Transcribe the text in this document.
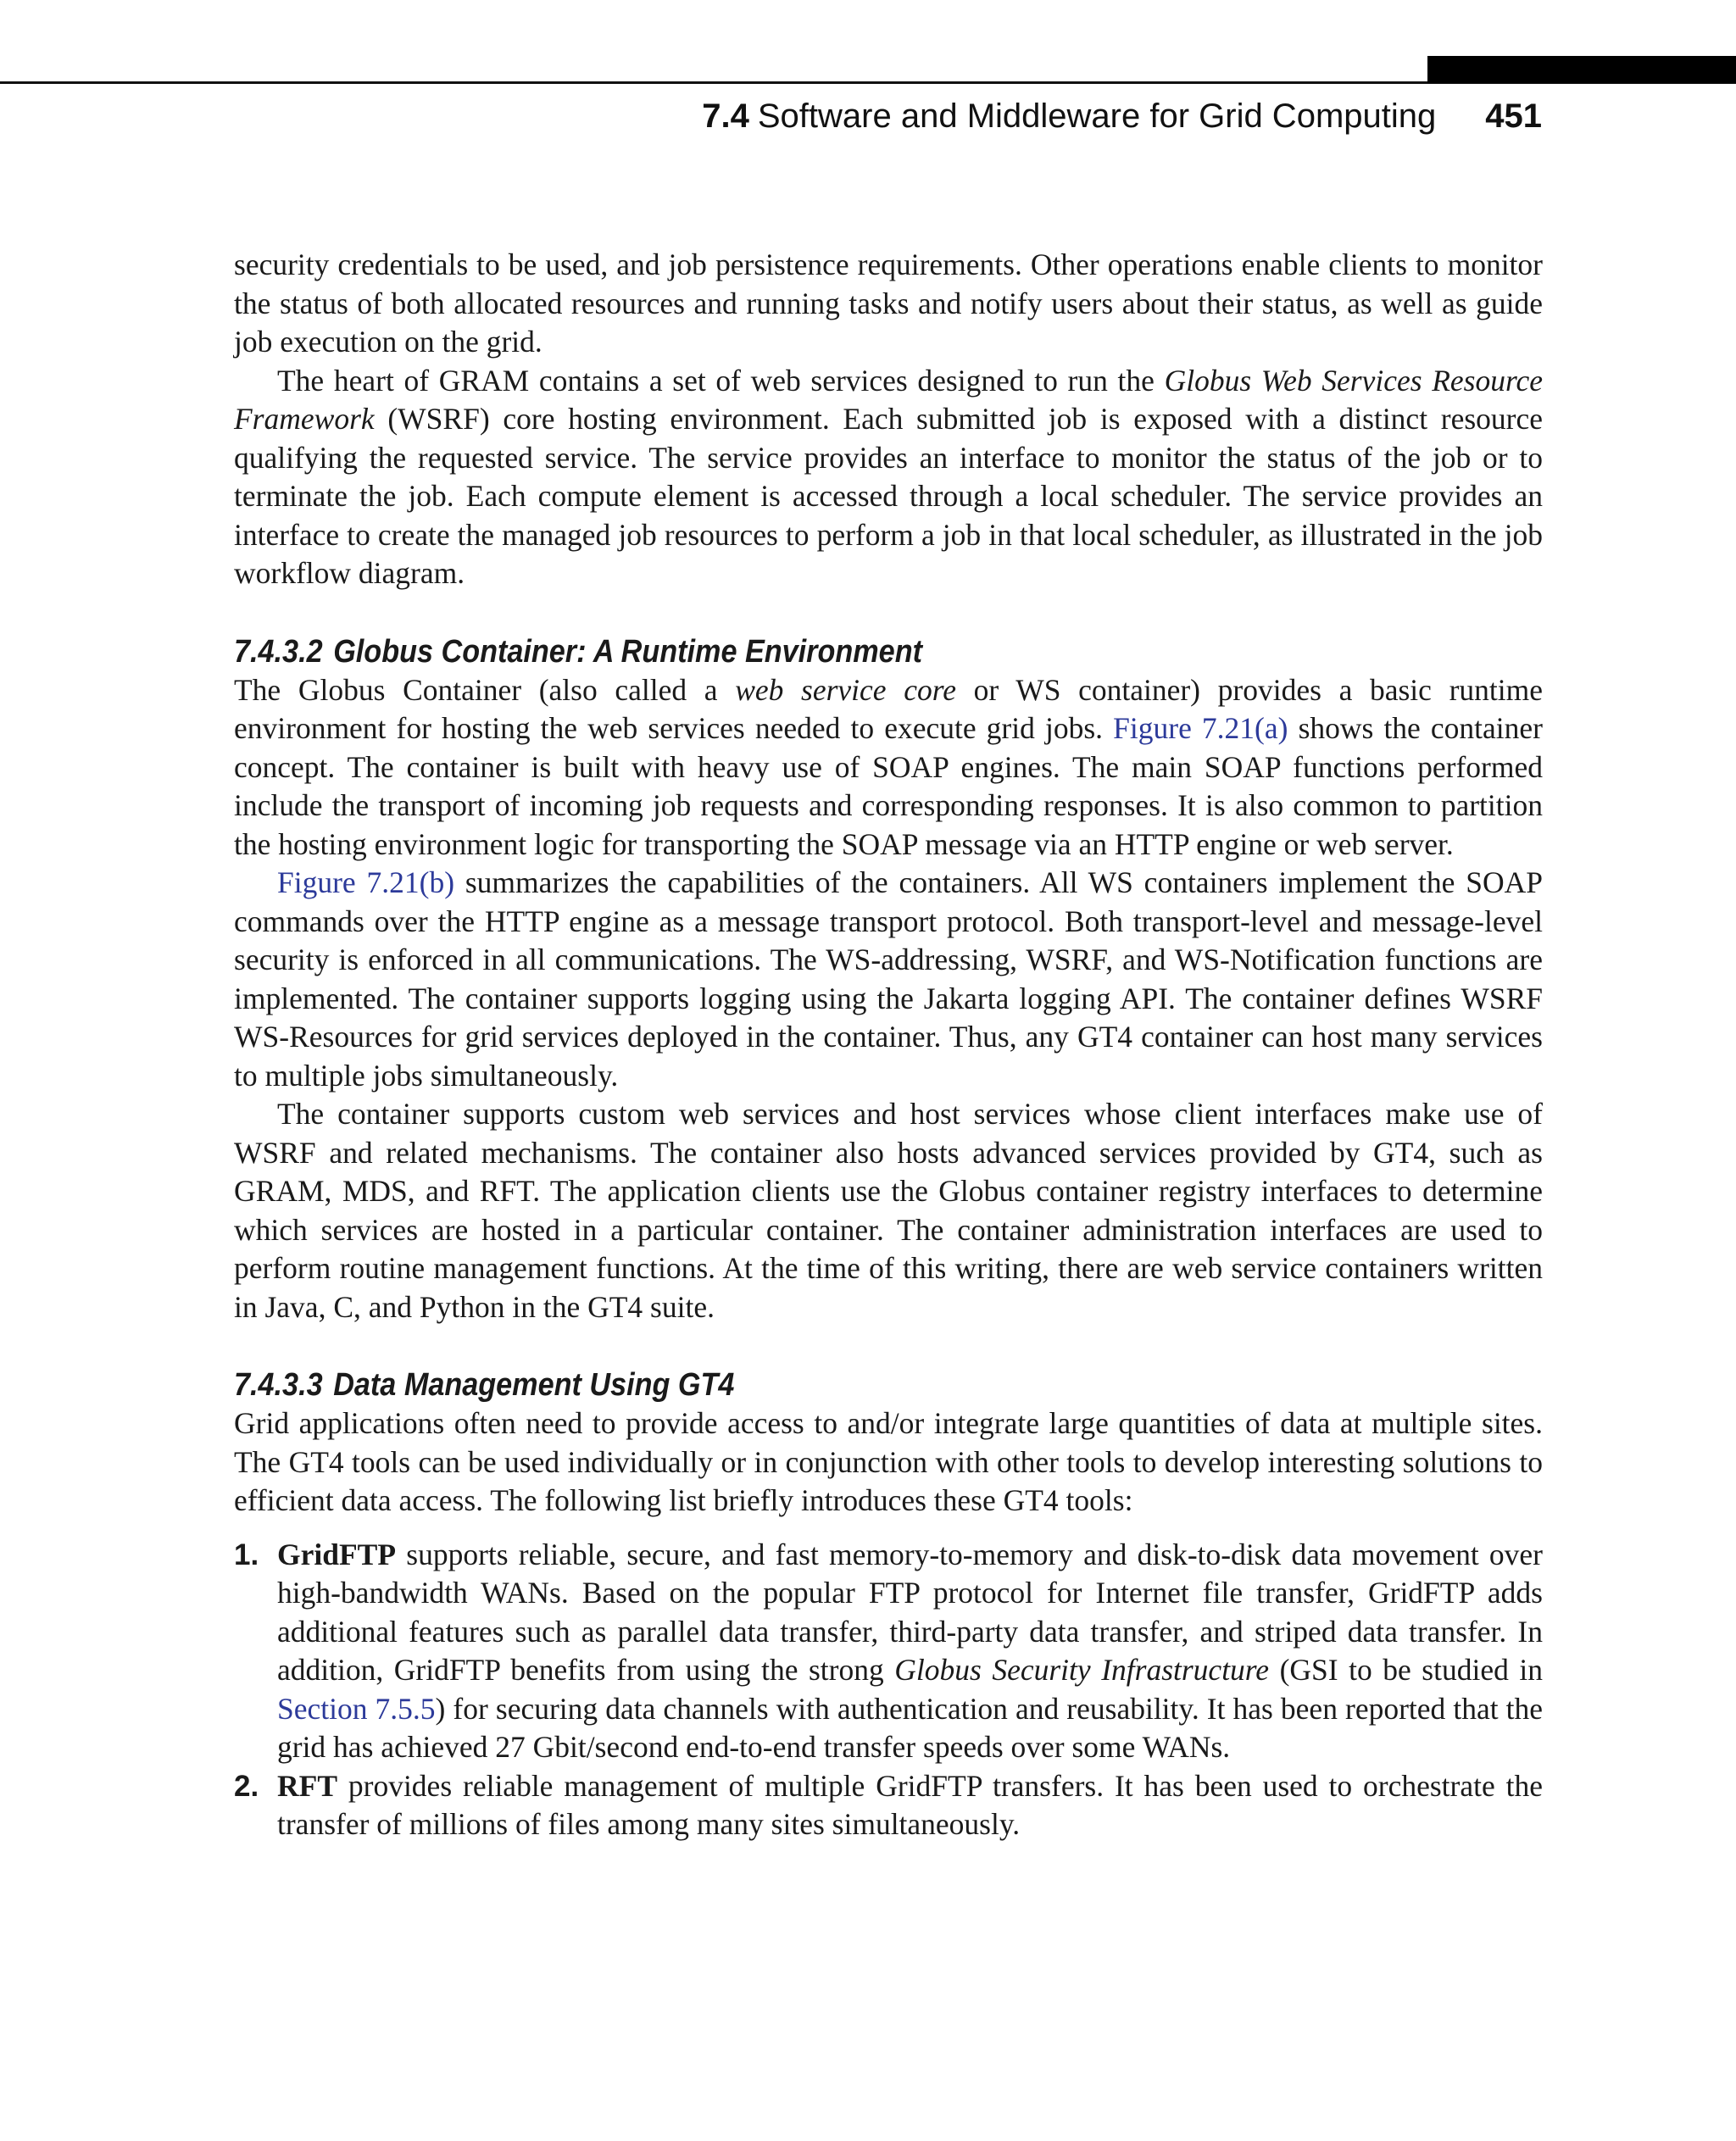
7.4 Software and Middleware for Grid Computing 451

security credentials to be used, and job persistence requirements. Other operations enable clients to monitor the status of both allocated resources and running tasks and notify users about their status, as well as guide job execution on the grid.

The heart of GRAM contains a set of web services designed to run the Globus Web Services Resource Framework (WSRF) core hosting environment. Each submitted job is exposed with a distinct resource qualifying the requested service. The service provides an interface to monitor the status of the job or to terminate the job. Each compute element is accessed through a local scheduler. The service provides an interface to create the managed job resources to perform a job in that local scheduler, as illustrated in the job workflow diagram.

7.4.3.2 Globus Container: A Runtime Environment

The Globus Container (also called a web service core or WS container) provides a basic runtime environment for hosting the web services needed to execute grid jobs. Figure 7.21(a) shows the container concept. The container is built with heavy use of SOAP engines. The main SOAP functions performed include the transport of incoming job requests and corresponding responses. It is also common to partition the hosting environment logic for transporting the SOAP message via an HTTP engine or web server.

Figure 7.21(b) summarizes the capabilities of the containers. All WS containers implement the SOAP commands over the HTTP engine as a message transport protocol. Both transport-level and message-level security is enforced in all communications. The WS-addressing, WSRF, and WS-Notification functions are implemented. The container supports logging using the Jakarta logging API. The container defines WSRF WS-Resources for grid services deployed in the container. Thus, any GT4 container can host many services to multiple jobs simultaneously.

The container supports custom web services and host services whose client interfaces make use of WSRF and related mechanisms. The container also hosts advanced services provided by GT4, such as GRAM, MDS, and RFT. The application clients use the Globus container registry interfaces to determine which services are hosted in a particular container. The container administration interfaces are used to perform routine management functions. At the time of this writing, there are web service containers written in Java, C, and Python in the GT4 suite.

7.4.3.3 Data Management Using GT4

Grid applications often need to provide access to and/or integrate large quantities of data at multiple sites. The GT4 tools can be used individually or in conjunction with other tools to develop interesting solutions to efficient data access. The following list briefly introduces these GT4 tools:

1. GridFTP supports reliable, secure, and fast memory-to-memory and disk-to-disk data movement over high-bandwidth WANs. Based on the popular FTP protocol for Internet file transfer, GridFTP adds additional features such as parallel data transfer, third-party data transfer, and striped data transfer. In addition, GridFTP benefits from using the strong Globus Security Infrastructure (GSI to be studied in Section 7.5.5) for securing data channels with authentication and reusability. It has been reported that the grid has achieved 27 Gbit/second end-to-end transfer speeds over some WANs.
2. RFT provides reliable management of multiple GridFTP transfers. It has been used to orchestrate the transfer of millions of files among many sites simultaneously.
